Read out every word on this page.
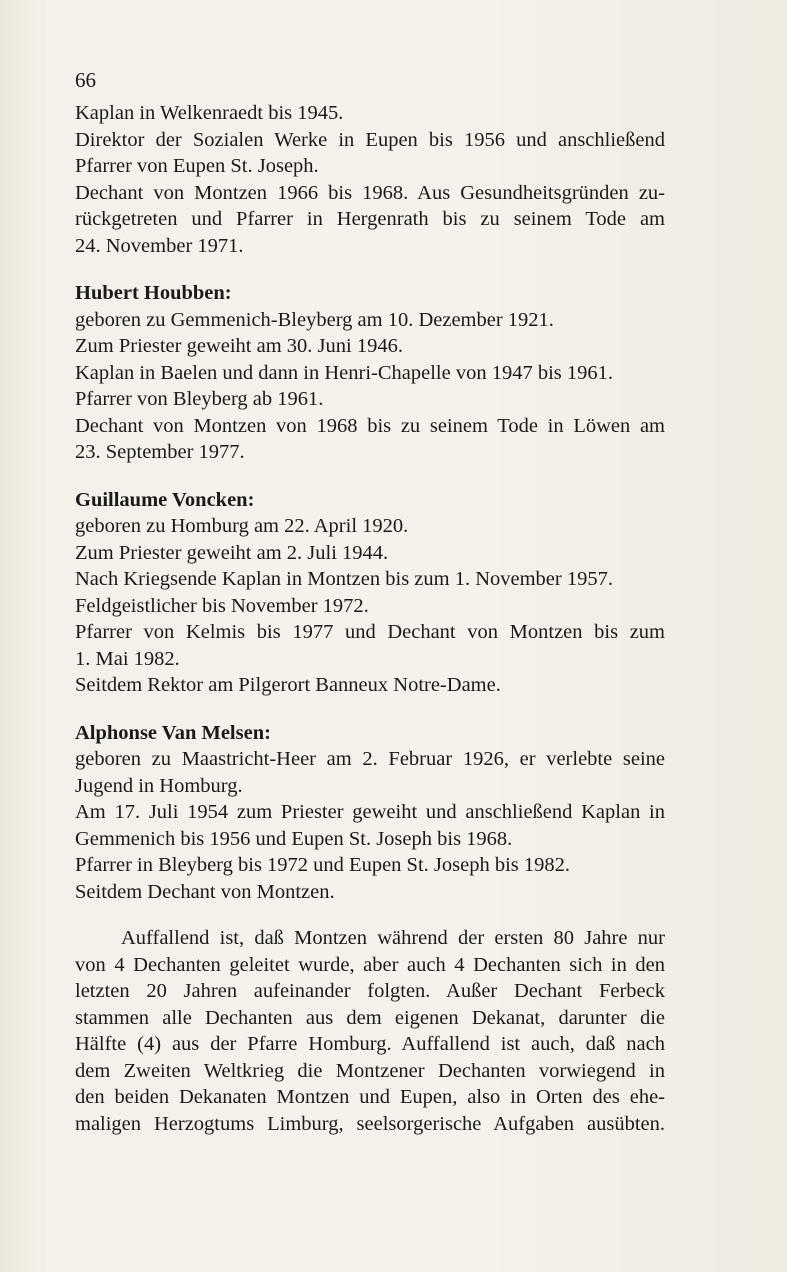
66
Kaplan in Welkenraedt bis 1945.
Direktor der Sozialen Werke in Eupen bis 1956 und anschließend
Pfarrer von Eupen St. Joseph.
Dechant von Montzen 1966 bis 1968. Aus Gesundheitsgründen zu-
rückgetreten und Pfarrer in Hergenrath bis zu seinem Tode am
24. November 1971.
Hubert Houbben:
geboren zu Gemmenich-Bleyberg am 10. Dezember 1921.
Zum Priester geweiht am 30. Juni 1946.
Kaplan in Baelen und dann in Henri-Chapelle von 1947 bis 1961.
Pfarrer von Bleyberg ab 1961.
Dechant von Montzen von 1968 bis zu seinem Tode in Löwen am
23. September 1977.
Guillaume Voncken:
geboren zu Homburg am 22. April 1920.
Zum Priester geweiht am 2. Juli 1944.
Nach Kriegsende Kaplan in Montzen bis zum 1. November 1957.
Feldgeistlicher bis November 1972.
Pfarrer von Kelmis bis 1977 und Dechant von Montzen bis zum
1. Mai 1982.
Seitdem Rektor am Pilgerort Banneux Notre-Dame.
Alphonse Van Melsen:
geboren zu Maastricht-Heer am 2. Februar 1926, er verlebte seine
Jugend in Homburg.
Am 17. Juli 1954 zum Priester geweiht und anschließend Kaplan in
Gemmenich bis 1956 und Eupen St. Joseph bis 1968.
Pfarrer in Bleyberg bis 1972 und Eupen St. Joseph bis 1982.
Seitdem Dechant von Montzen.
Auffallend ist, daß Montzen während der ersten 80 Jahre nur
von 4 Dechanten geleitet wurde, aber auch 4 Dechanten sich in den
letzten 20 Jahren aufeinander folgten. Außer Dechant Ferbeck
stammen alle Dechanten aus dem eigenen Dekanat, darunter die
Hälfte (4) aus der Pfarre Homburg. Auffallend ist auch, daß nach
dem Zweiten Weltkrieg die Montzener Dechanten vorwiegend in
den beiden Dekanaten Montzen und Eupen, also in Orten des ehe-
maligen Herzogtums Limburg, seelsorgerische Aufgaben ausübten.
